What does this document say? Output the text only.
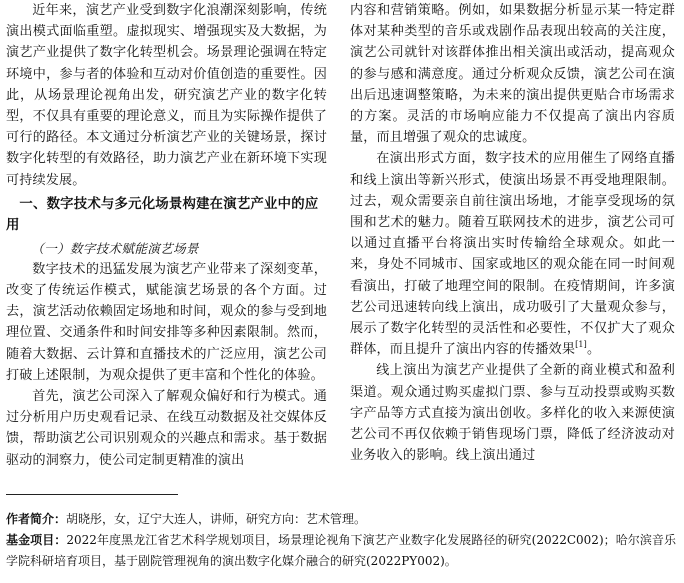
近年来，演艺产业受到数字化浪潮深刻影响，传统演出模式面临重塑。虚拟现实、增强现实及大数据，为演艺产业提供了数字化转型机会。场景理论强调在特定环境中，参与者的体验和互动对价值创造的重要性。因此，从场景理论视角出发，研究演艺产业的数字化转型，不仅具有重要的理论意义，而且为实际操作提供了可行的路径。本文通过分析演艺产业的关键场景，探讨数字化转型的有效路径，助力演艺产业在新环境下实现可持续发展。

一、数字技术与多元化场景构建在演艺产业中的应用
（一）数字技术赋能演艺场景

数字技术的迅猛发展为演艺产业带来了深刻变革，改变了传统运作模式，赋能演艺场景的各个方面。过去，演艺活动依赖固定场地和时间，观众的参与受到地理位置、交通条件和时间安排等多种因素限制。然而，随着大数据、云计算和直播技术的广泛应用，演艺公司打破上述限制，为观众提供了更丰富和个性化的体验。

首先，演艺公司深入了解观众偏好和行为模式。通过分析用户历史观看记录、在线互动数据及社交媒体反馈，帮助演艺公司识别观众的兴趣点和需求。基于数据驱动的洞察力，使公司定制更精准的演出

内容和营销策略。例如，如果数据分析显示某一特定群体对某种类型的音乐或戏剧作品表现出较高的关注度，演艺公司就针对该群体推出相关演出或活动，提高观众的参与感和满意度。通过分析观众反馈，演艺公司在演出后迅速调整策略，为未来的演出提供更贴合市场需求的方案。灵活的市场响应能力不仅提高了演出内容质量，而且增强了观众的忠诚度。

在演出形式方面，数字技术的应用催生了网络直播和线上演出等新兴形式，使演出场景不再受地理限制。过去，观众需要亲自前往演出场地，才能享受现场的氛围和艺术的魅力。随着互联网技术的进步，演艺公司可以通过直播平台将演出实时传输给全球观众。如此一来，身处不同城市、国家或地区的观众能在同一时间观看演出，打破了地理空间的限制。在疫情期间，许多演艺公司迅速转向线上演出，成功吸引了大量观众参与，展示了数字化转型的灵活性和必要性，不仅扩大了观众群体，而且提升了演出内容的传播效果[1]。

线上演出为演艺产业提供了全新的商业模式和盈利渠道。观众通过购买虚拟门票、参与互动投票或购买数字产品等方式直接为演出创收。多样化的收入来源使演艺公司不再仅依赖于销售现场门票，降低了经济波动对业务收入的影响。线上演出通过

作者简介：胡晓彤，女，辽宁大连人，讲师，研究方向：艺术管理。

基金项目：2022年度黑龙江省艺术科学规划项目，场景理论视角下演艺产业数字化发展路径的研究(2022C002)；哈尔滨音乐学院科研培育项目，基于剧院管理视角的演出数字化媒介融合的研究(2022PY002)。
